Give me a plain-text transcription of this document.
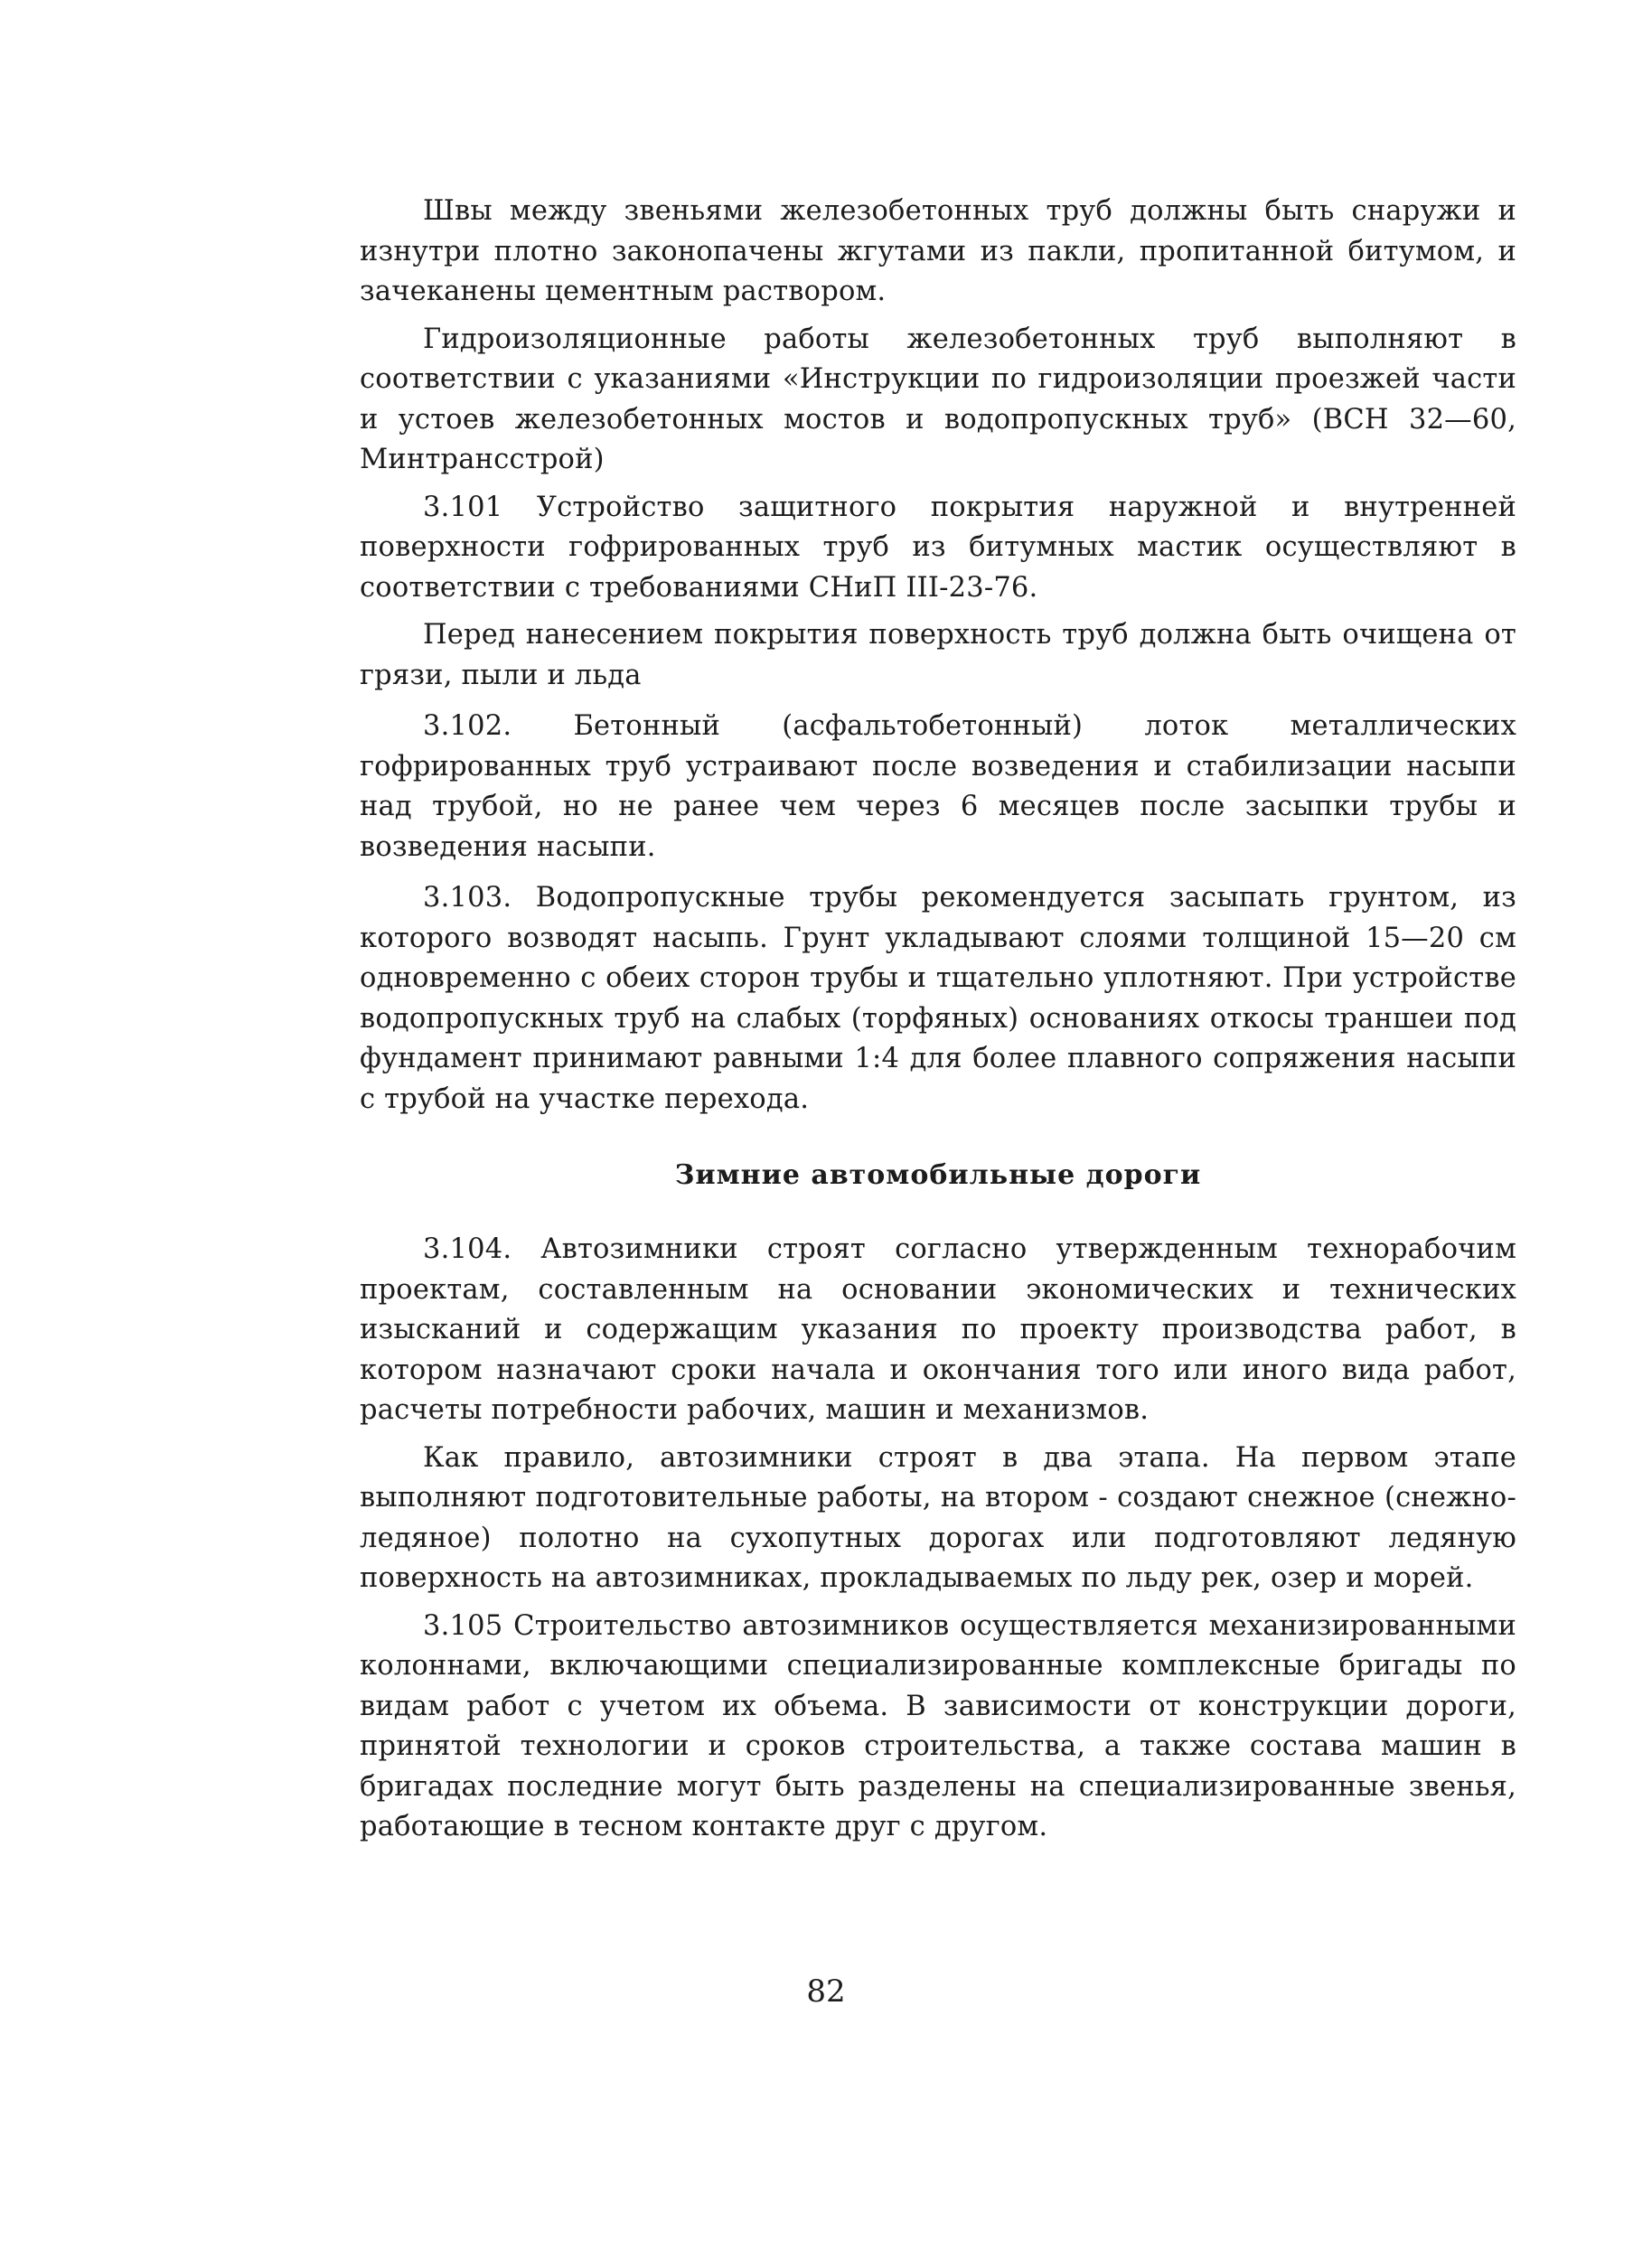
Швы между звеньями железобетонных труб должны быть снаружи и изнутри плотно законопачены жгутами из пакли, пропитанной битумом, и зачеканены цементным раствором.

Гидроизоляционные работы железобетонных труб выполняют в соответствии с указаниями «Инструкции по гидроизоляции проезжей части и устоев железобетонных мостов и водопропускных труб» (ВСН 32—60, Минтрансстрой)

3.101 Устройство защитного покрытия наружной и внутренней поверхности гофрированных труб из битумных мастик осуществляют в соответствии с требованиями СНиП III-23-76.

Перед нанесением покрытия поверхность труб должна быть очищена от грязи, пыли и льда

3.102. Бетонный (асфальтобетонный) лоток металлических гофрированных труб устраивают после возведения и стабилизации насыпи над трубой, но не ранее чем через 6 месяцев после засыпки трубы и возведения насыпи.

3.103. Водопропускные трубы рекомендуется засыпать грунтом, из которого возводят насыпь. Грунт укладывают слоями толщиной 15—20 см одновременно с обеих сторон трубы и тщательно уплотняют. При устройстве водопропускных труб на слабых (торфяных) основаниях откосы траншеи под фундамент принимают равными 1:4 для более плавного сопряжения насыпи с трубой на участке перехода.

Зимние автомобильные дороги

3.104. Автозимники строят согласно утвержденным технорабочим проектам, составленным на основании экономических и технических изысканий и содержащим указания по проекту производства работ, в котором назначают сроки начала и окончания того или иного вида работ, расчеты потребности рабочих, машин и механизмов.

Как правило, автозимники строят в два этапа. На первом этапе выполняют подготовительные работы, на втором - создают снежное (снежно-ледяное) полотно на сухопутных дорогах или подготовляют ледяную поверхность на автозимниках, прокладываемых по льду рек, озер и морей.

3.105 Строительство автозимников осуществляется механизированными колоннами, включающими специализированные комплексные бригады по видам работ с учетом их объема. В зависимости от конструкции дороги, принятой технологии и сроков строительства, а также состава машин в бригадах последние могут быть разделены на специализированные звенья, работающие в тесном контакте друг с другом.

82
